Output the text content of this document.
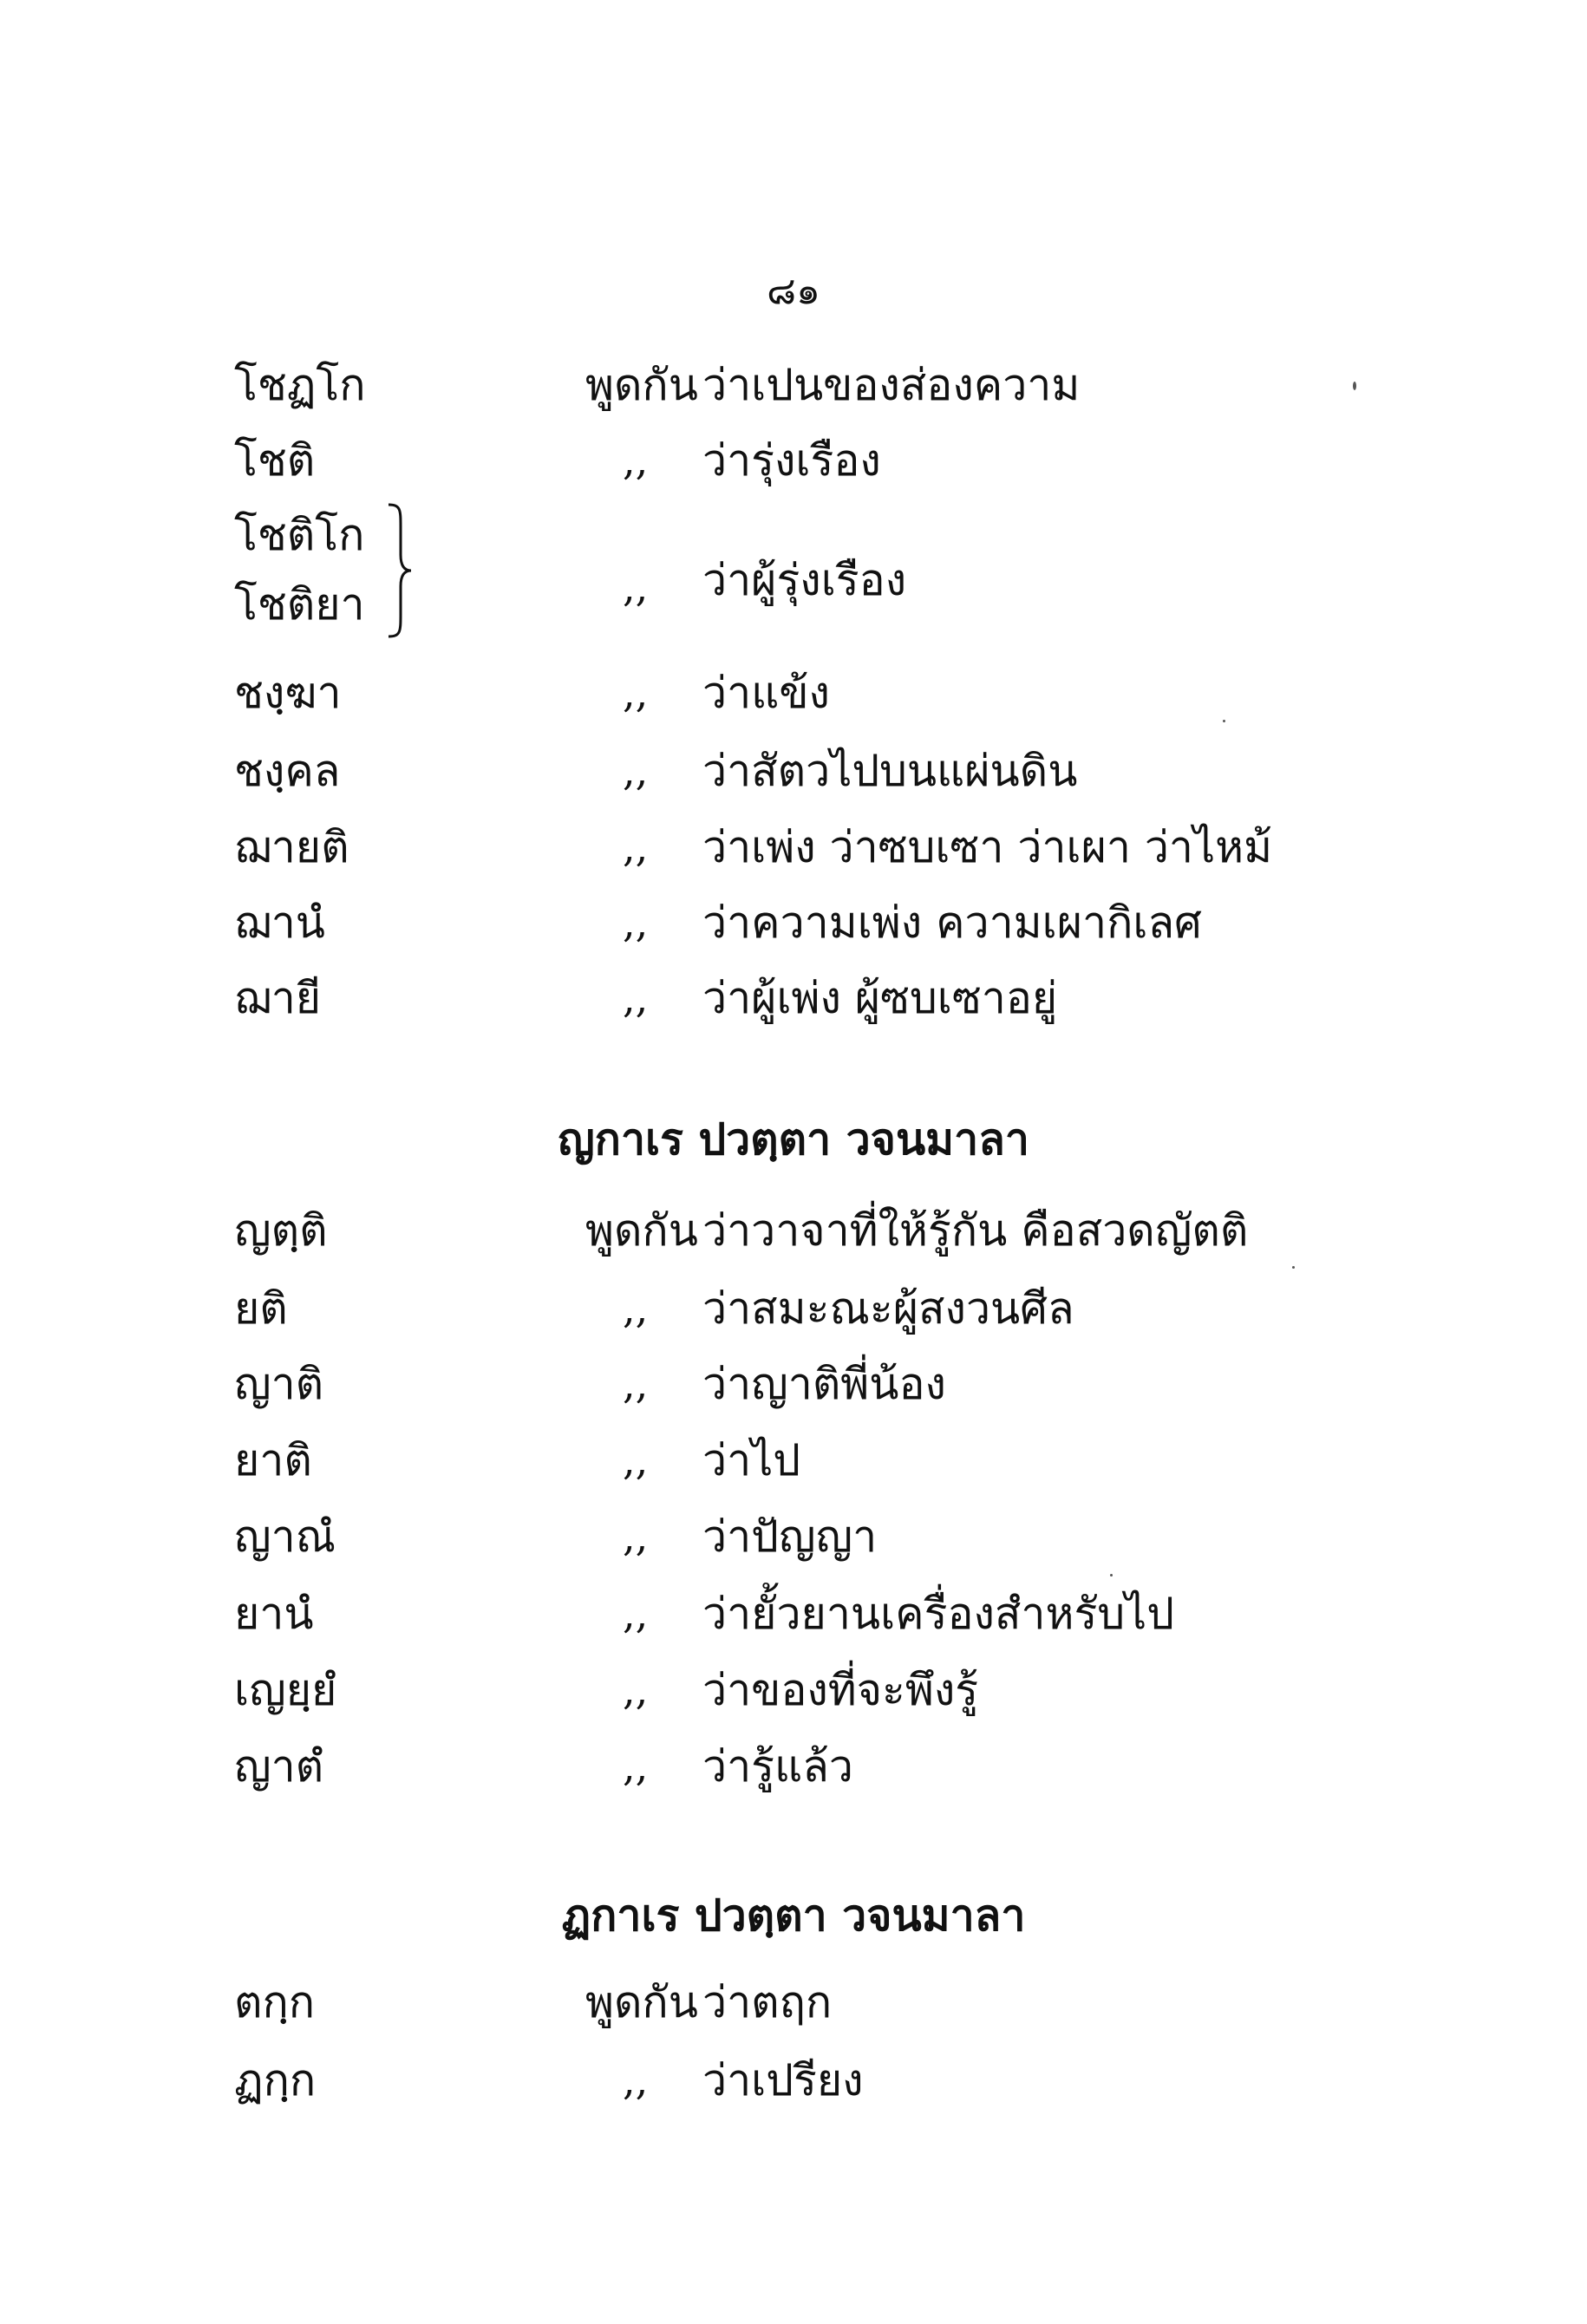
๘๑
โชฏโก	พูดกัน ว่าเปนของส่องความ
โชติ	,,	ว่ารุ่งเรือง
โชติโก
โชติยา	,, ว่าผู้รุ่งเรือง
ชงฺฆา	,,	ว่าแข้ง
ชงฺคล	,,	ว่าสัตวไปบนแผ่นดิน
ฌายติ	,,	ว่าเพ่ง ว่าซบเซา ว่าเผา ว่าไหม้
ฌานํ	,,	ว่าความเพ่ง ความเผากิเลศ
ฌายี	,,	ว่าผู้เพ่ง ผู้ซบเซาอยู่
ญกาเร ปวตฺตา วจนมาลา
ญตฺติ	พูดกัน ว่าวาจาที่ให้รู้กัน คือสวดญัตติ
ยติ	,,	ว่าสมะณะผู้สงวนศีล
ญาติ	,,	ว่าญาติพี่น้อง
ยาติ	,,	ว่าไป
ญาณํ	,,	ว่าปัญญา
ยานํ	,,	ว่ายั้วยานเครื่องสำหรับไป
เญยฺยํ	,,	ว่าของที่จะพึงรู้
ญาตํ	,,	ว่ารู้แล้ว
ฏกาเร ปวตฺตา วจนมาลา
ตกฺก	พูดกัน ว่าตฤก
ฏกฺก	,,	ว่าเปรียง
